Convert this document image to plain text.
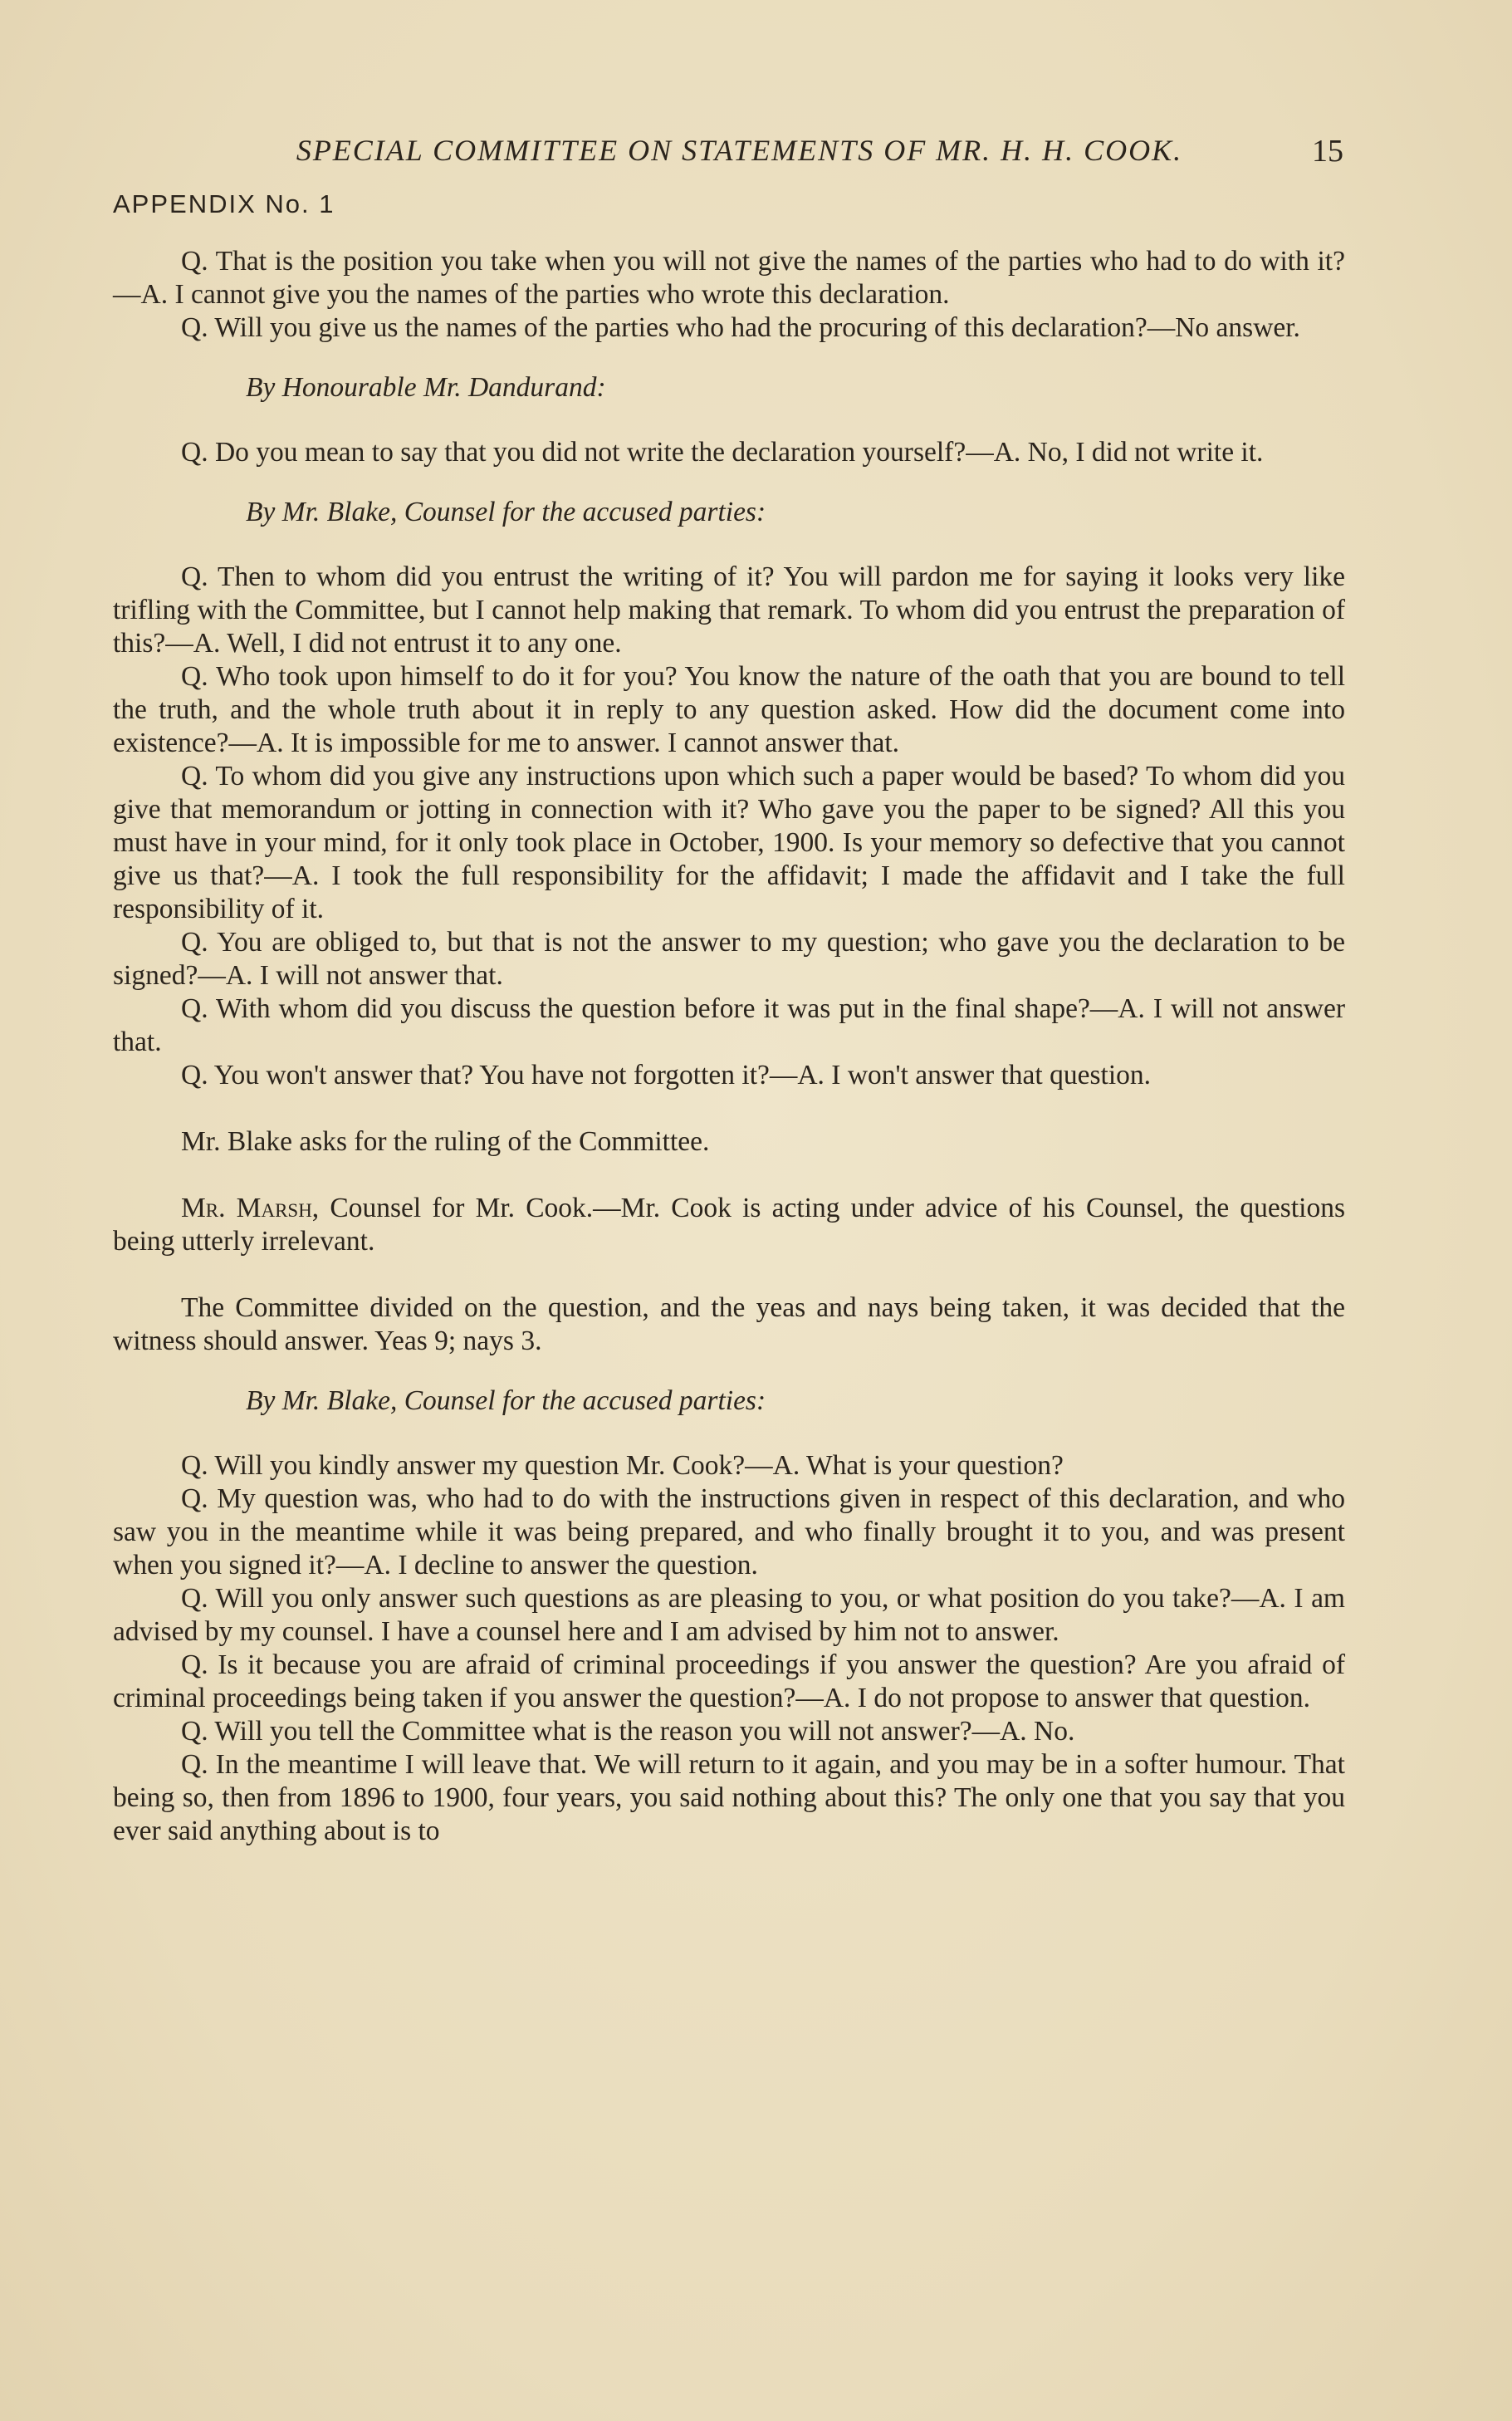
SPECIAL COMMITTEE ON STATEMENTS OF MR. H. H. COOK.	15
APPENDIX No. 1

Q. That is the position you take when you will not give the names of the parties who had to do with it?—A. I cannot give you the names of the parties who wrote this declaration.

Q. Will you give us the names of the parties who had the procuring of this declaration?—No answer.

By Honourable Mr. Dandurand:

Q. Do you mean to say that you did not write the declaration yourself?—A. No, I did not write it.

By Mr. Blake, Counsel for the accused parties:

Q. Then to whom did you entrust the writing of it? You will pardon me for saying it looks very like trifling with the Committee, but I cannot help making that remark. To whom did you entrust the preparation of this?—A. Well, I did not entrust it to any one.

Q. Who took upon himself to do it for you? You know the nature of the oath that you are bound to tell the truth, and the whole truth about it in reply to any question asked. How did the document come into existence?—A. It is impossible for me to answer. I cannot answer that.

Q. To whom did you give any instructions upon which such a paper would be based? To whom did you give that memorandum or jotting in connection with it? Who gave you the paper to be signed? All this you must have in your mind, for it only took place in October, 1900. Is your memory so defective that you cannot give us that?—A. I took the full responsibility for the affidavit; I made the affidavit and I take the full responsibility of it.

Q. You are obliged to, but that is not the answer to my question; who gave you the declaration to be signed?—A. I will not answer that.

Q. With whom did you discuss the question before it was put in the final shape?—A. I will not answer that.

Q. You won't answer that? You have not forgotten it?—A. I won't answer that question.

Mr. Blake asks for the ruling of the Committee.

Mr. Marsh, Counsel for Mr. Cook.—Mr. Cook is acting under advice of his Counsel, the questions being utterly irrelevant.

The Committee divided on the question, and the yeas and nays being taken, it was decided that the witness should answer. Yeas 9; nays 3.

By Mr. Blake, Counsel for the accused parties:

Q. Will you kindly answer my question Mr. Cook?—A. What is your question?

Q. My question was, who had to do with the instructions given in respect of this declaration, and who saw you in the meantime while it was being prepared, and who finally brought it to you, and was present when you signed it?—A. I decline to answer the question.

Q. Will you only answer such questions as are pleasing to you, or what position do you take?—A. I am advised by my counsel. I have a counsel here and I am advised by him not to answer.

Q. Is it because you are afraid of criminal proceedings if you answer the question? Are you afraid of criminal proceedings being taken if you answer the question?—A. I do not propose to answer that question.

Q. Will you tell the Committee what is the reason you will not answer?—A. No.

Q. In the meantime I will leave that. We will return to it again, and you may be in a softer humour. That being so, then from 1896 to 1900, four years, you said nothing about this? The only one that you say that you ever said anything about is to
